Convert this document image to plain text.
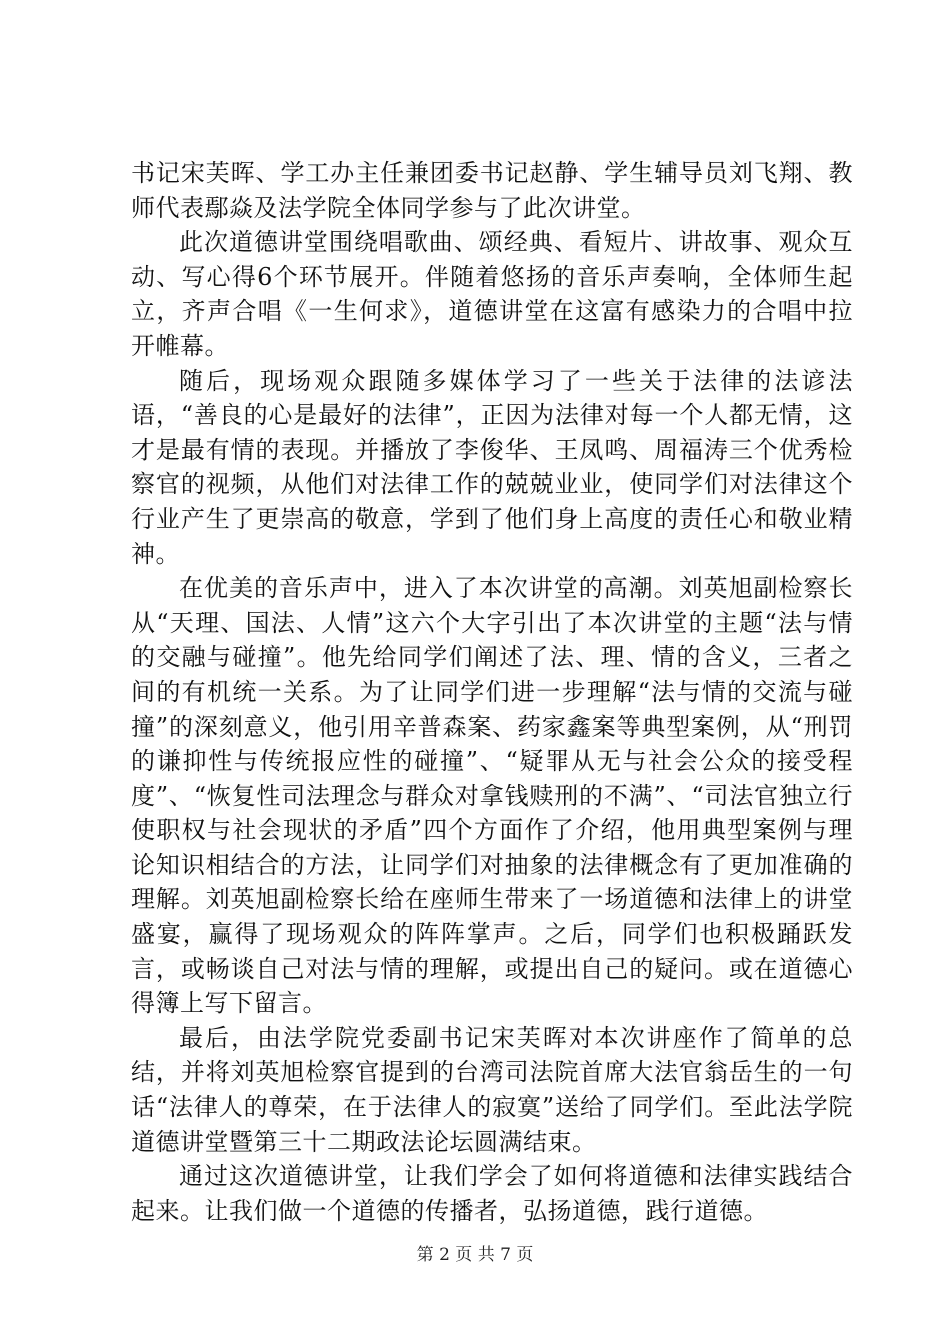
书记宋芙晖、学工办主任兼团委书记赵静、学生辅导员刘飞翔、教师代表鄢焱及法学院全体同学参与了此次讲堂。

此次道德讲堂围绕唱歌曲、颂经典、看短片、讲故事、观众互动、写心得6个环节展开。伴随着悠扬的音乐声奏响，全体师生起立，齐声合唱《一生何求》，道德讲堂在这富有感染力的合唱中拉开帷幕。

随后，现场观众跟随多媒体学习了一些关于法律的法谚法语，“善良的心是最好的法律”，正因为法律对每一个人都无情，这才是最有情的表现。并播放了李俊华、王凤鸣、周福涛三个优秀检察官的视频，从他们对法律工作的兢兢业业，使同学们对法律这个行业产生了更崇高的敬意，学到了他们身上高度的责任心和敬业精神。

在优美的音乐声中，进入了本次讲堂的高潮。刘英旭副检察长从“天理、国法、人情”这六个大字引出了本次讲堂的主题“法与情的交融与碰撞”。他先给同学们阐述了法、理、情的含义，三者之间的有机统一关系。为了让同学们进一步理解“法与情的交流与碰撞”的深刻意义，他引用辛普森案、药家鑫案等典型案例，从“刑罚的谦抑性与传统报应性的碰撞”、“疑罪从无与社会公众的接受程度”、“恢复性司法理念与群众对拿钱赎刑的不满”、“司法官独立行使职权与社会现状的矛盾”四个方面作了介绍，他用典型案例与理论知识相结合的方法，让同学们对抽象的法律概念有了更加准确的理解。刘英旭副检察长给在座师生带来了一场道德和法律上的讲堂盛宴，赢得了现场观众的阵阵掌声。之后，同学们也积极踊跃发言，或畅谈自己对法与情的理解，或提出自己的疑问。或在道德心得簿上写下留言。

最后，由法学院党委副书记宋芙晖对本次讲座作了简单的总结，并将刘英旭检察官提到的台湾司法院首席大法官翁岳生的一句话“法律人的尊荣，在于法律人的寂寞”送给了同学们。至此法学院道德讲堂暨第三十二期政法论坛圆满结束。

通过这次道德讲堂，让我们学会了如何将道德和法律实践结合起来。让我们做一个道德的传播者，弘扬道德，践行道德。

第 2 页 共 7 页
